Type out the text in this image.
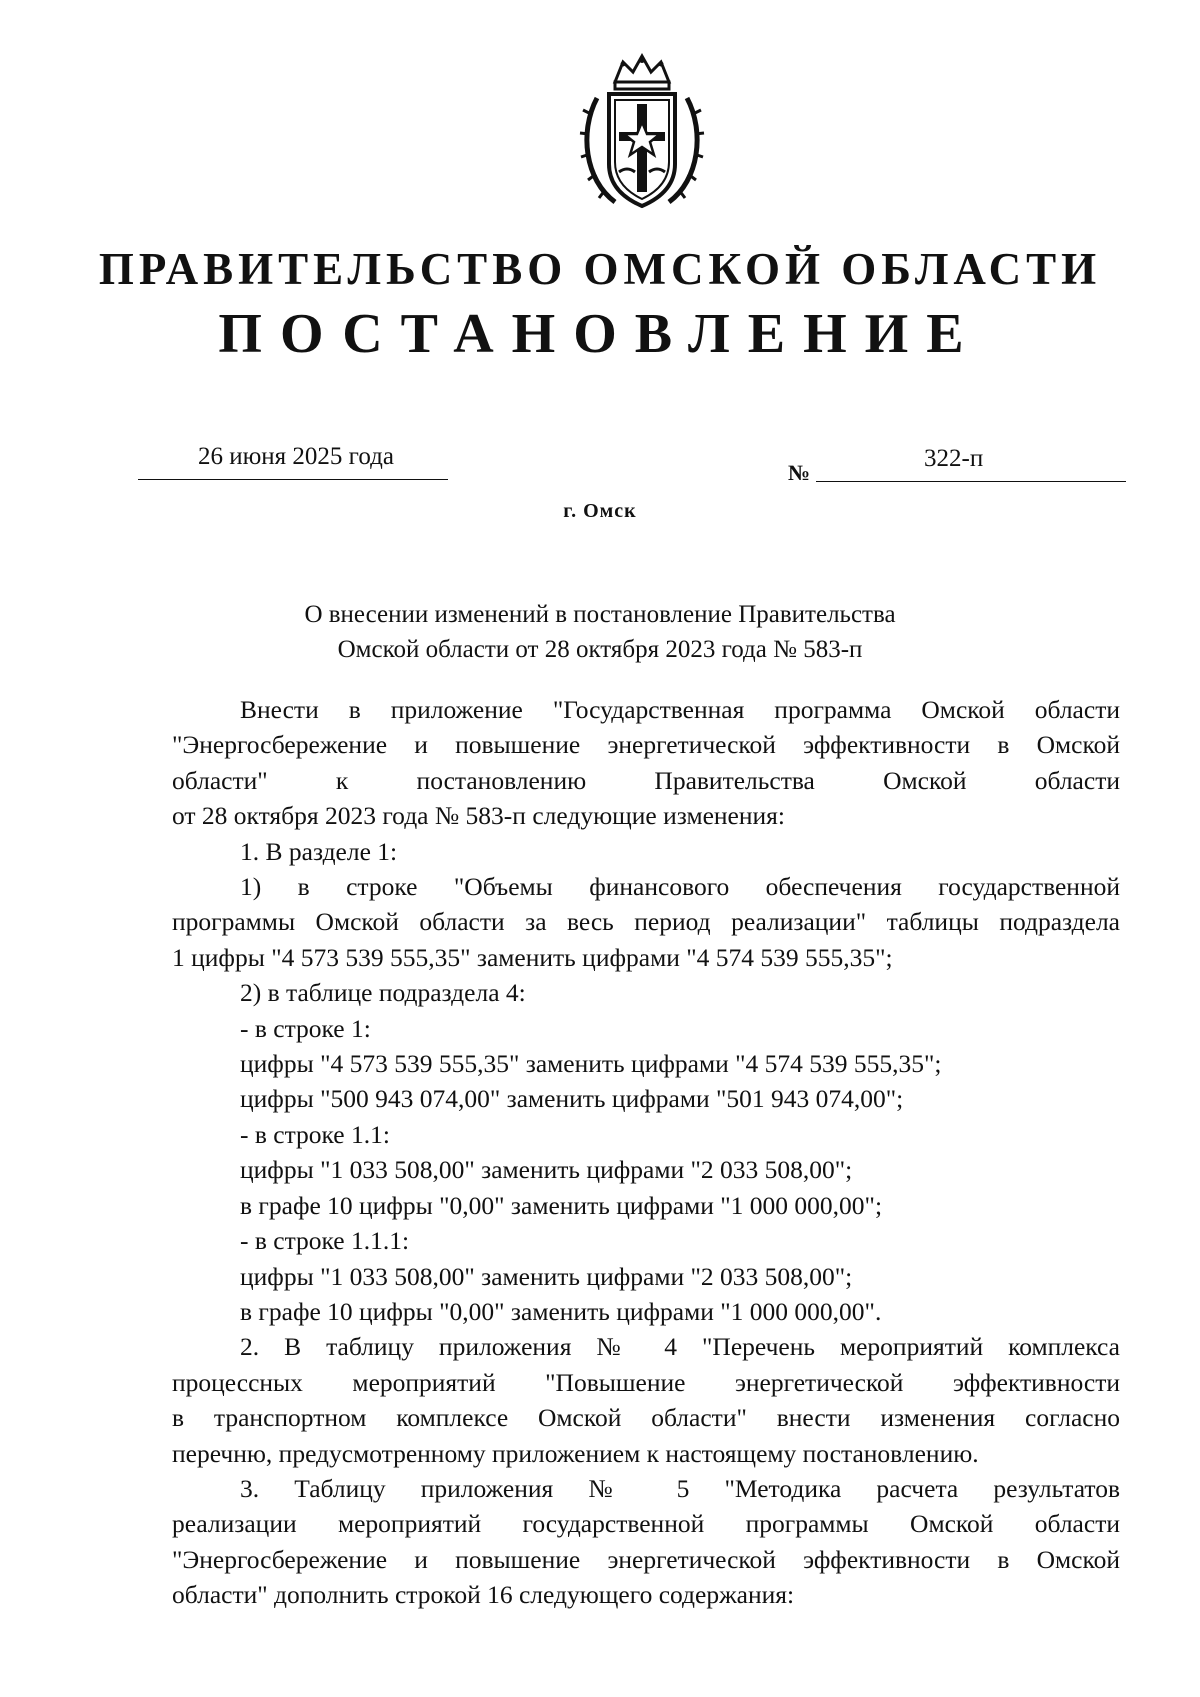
ПРАВИТЕЛЬСТВО ОМСКОЙ ОБЛАСТИ
ПОСТАНОВЛЕНИЕ
26 июня 2025 года
№
322-п
г. Омск
О внесении изменений в постановление Правительства
Омской области от 28 октября 2023 года № 583-п
Внести в приложение "Государственная программа Омской области
"Энергосбережение и повышение энергетической эффективности в Омской
области" к постановлению Правительства Омской области
от 28 октября 2023 года № 583-п следующие изменения:
1. В разделе 1:
1) в строке "Объемы финансового обеспечения государственной
программы Омской области за весь период реализации" таблицы подраздела
1 цифры "4 573 539 555,35" заменить цифрами "4 574 539 555,35";
2) в таблице подраздела 4:
- в строке 1:
цифры "4 573 539 555,35" заменить цифрами "4 574 539 555,35";
цифры "500 943 074,00" заменить цифрами "501 943 074,00";
- в строке 1.1:
цифры "1 033 508,00" заменить цифрами "2 033 508,00";
в графе 10 цифры "0,00" заменить цифрами "1 000 000,00";
- в строке 1.1.1:
цифры "1 033 508,00" заменить цифрами "2 033 508,00";
в графе 10 цифры "0,00" заменить цифрами "1 000 000,00".
2. В таблицу приложения № 4 "Перечень мероприятий комплекса
процессных мероприятий "Повышение энергетической эффективности
в транспортном комплексе Омской области" внести изменения согласно
перечню, предусмотренному приложением к настоящему постановлению.
3. Таблицу приложения № 5 "Методика расчета результатов
реализации мероприятий государственной программы Омской области
"Энергосбережение и повышение энергетической эффективности в Омской
области" дополнить строкой 16 следующего содержания:
